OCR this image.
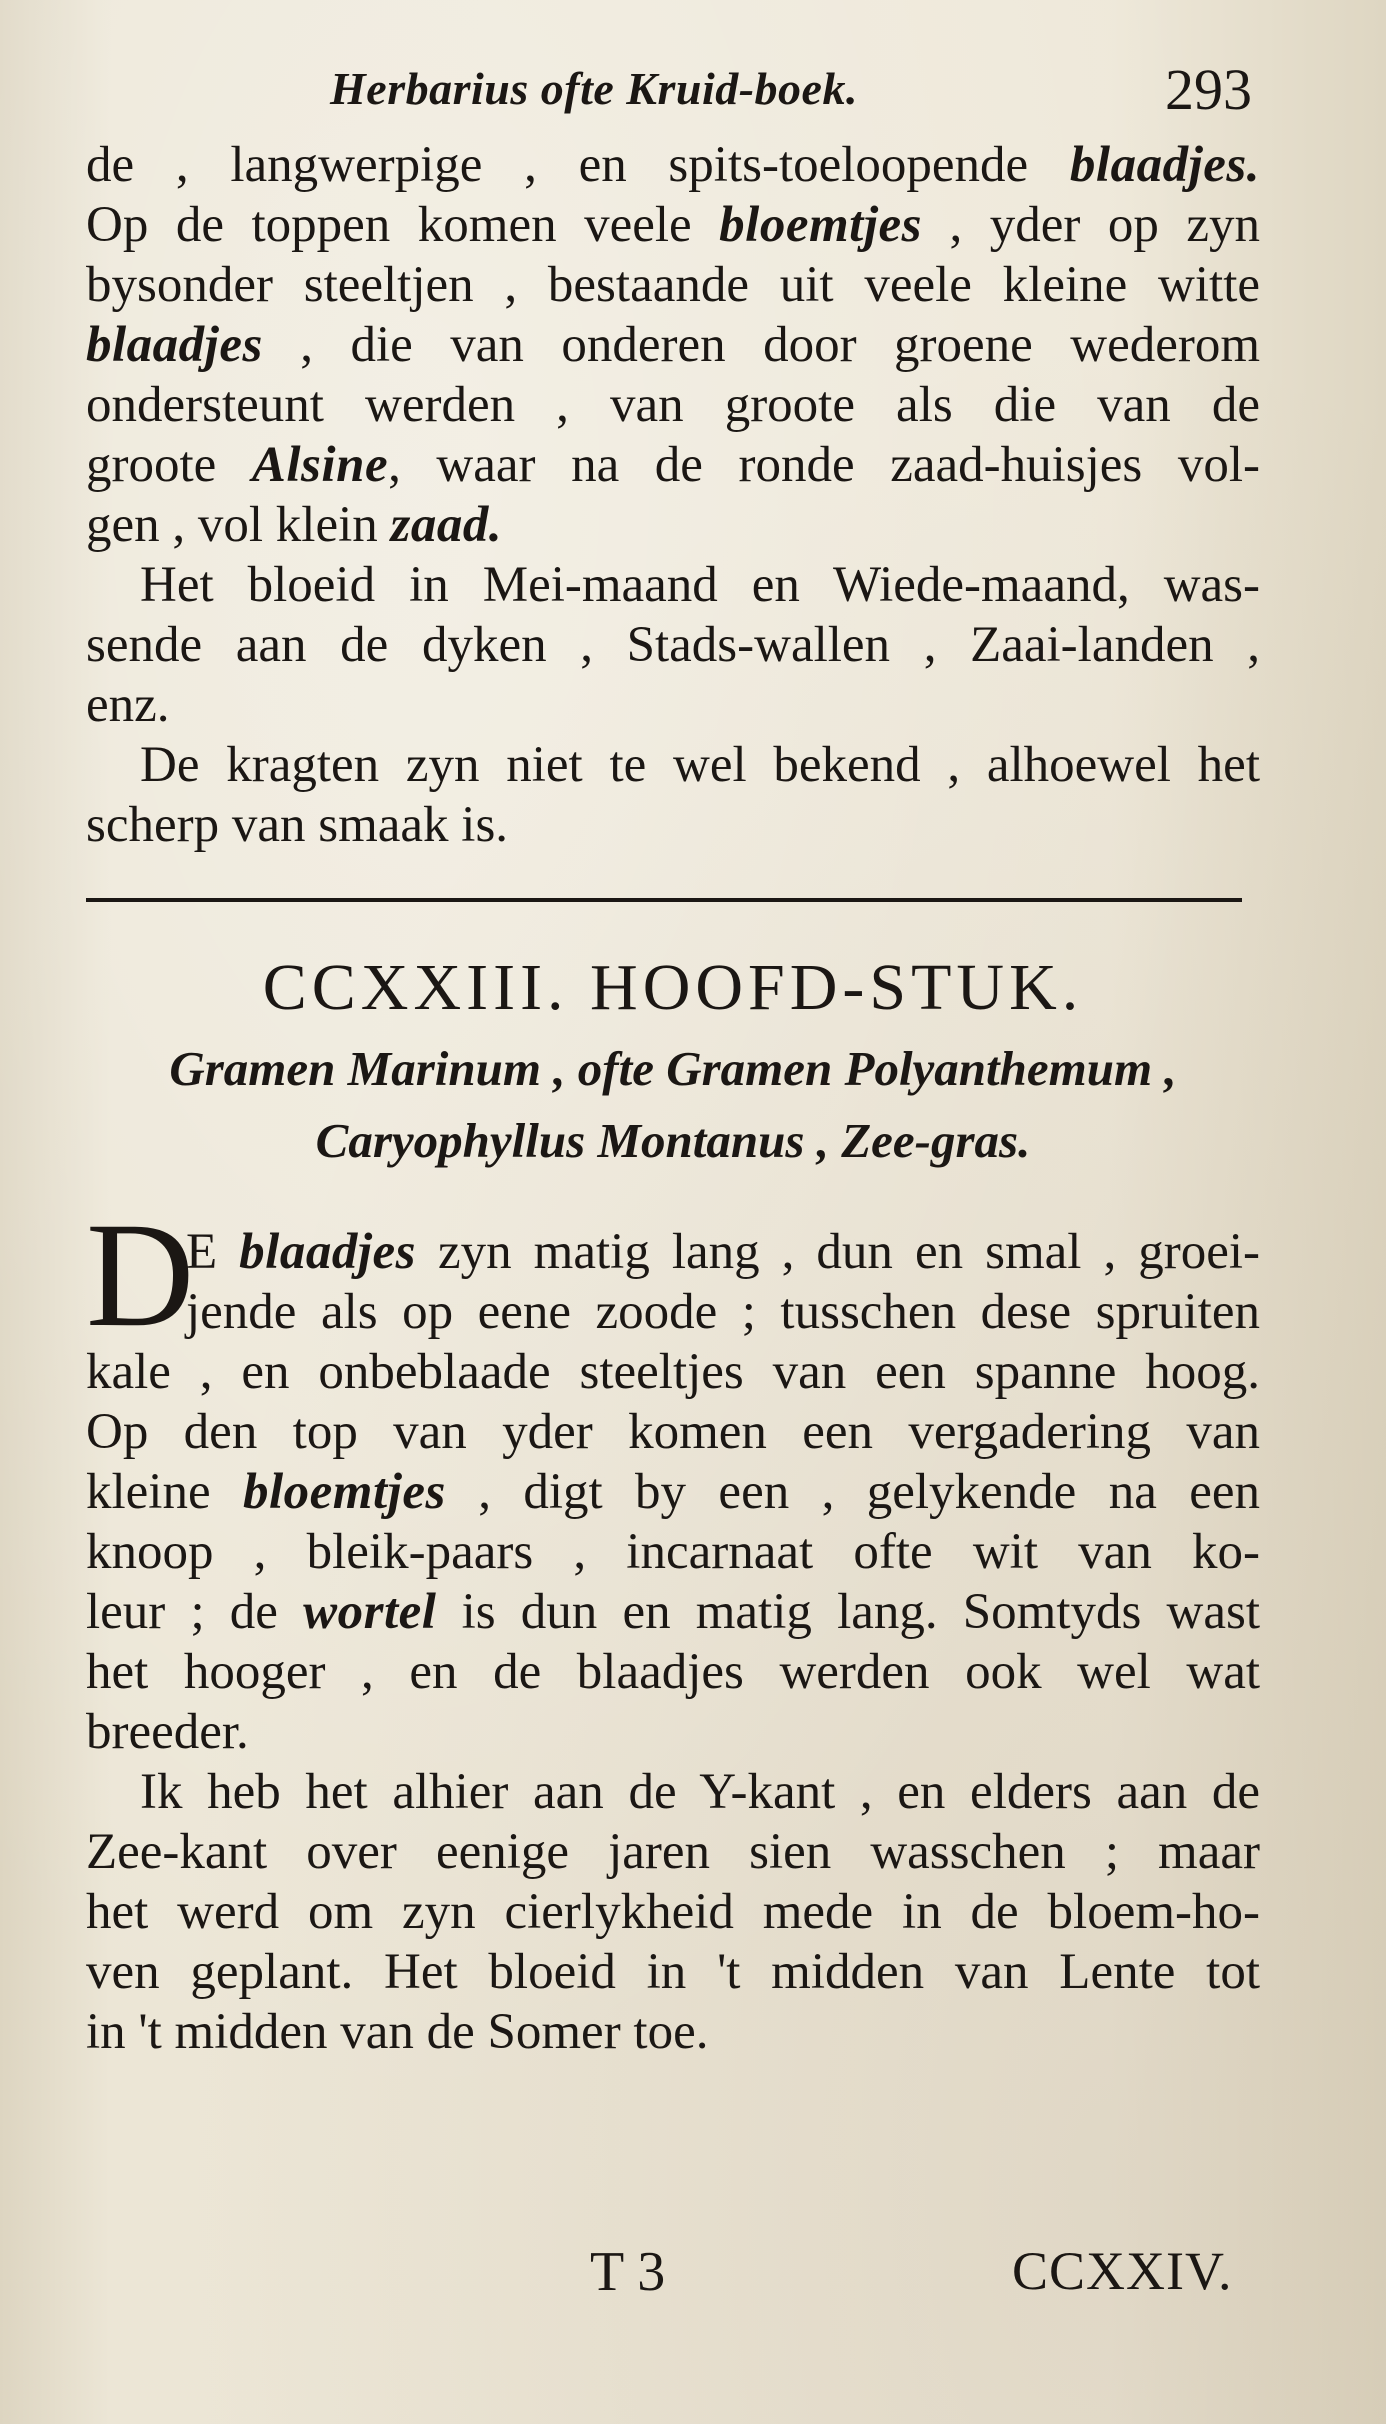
Herbarius ofte Kruid-boek.	293
de , langwerpige , en spits-toeloopende blaadjes.
Op de toppen komen veele bloemtjes , yder op zyn
bysonder steeltjen , bestaande uit veele kleine witte
blaadjes , die van onderen door groene wederom
ondersteunt werden , van groote als die van de
groote Alsine, waar na de ronde zaad-huisjes vol-
gen , vol klein zaad.
Het bloeid in Mei-maand en Wiede-maand, was-
sende aan de dyken , Stads-wallen , Zaai-landen ,
enz.
De kragten zyn niet te wel bekend , alhoewel het
scherp van smaak is.
CCXXIII. HOOFD-STUK.
Gramen Marinum , ofte Gramen Polyanthemum ,
Caryophyllus Montanus , Zee-gras.
D
E blaadjes zyn matig lang , dun en smal , groei-
jende als op eene zoode ; tusschen dese spruiten
kale , en onbeblaade steeltjes van een spanne hoog.
Op den top van yder komen een vergadering van
kleine bloemtjes , digt by een , gelykende na een
knoop , bleik-paars , incarnaat ofte wit van ko-
leur ; de wortel is dun en matig lang. Somtyds wast
het hooger , en de blaadjes werden ook wel wat
breeder.
Ik heb het alhier aan de Y-kant , en elders aan de
Zee-kant over eenige jaren sien wasschen ; maar
het werd om zyn cierlykheid mede in de bloem-ho-
ven geplant. Het bloeid in 't midden van Lente tot
in 't midden van de Somer toe.
T 3	CCXXIV.
